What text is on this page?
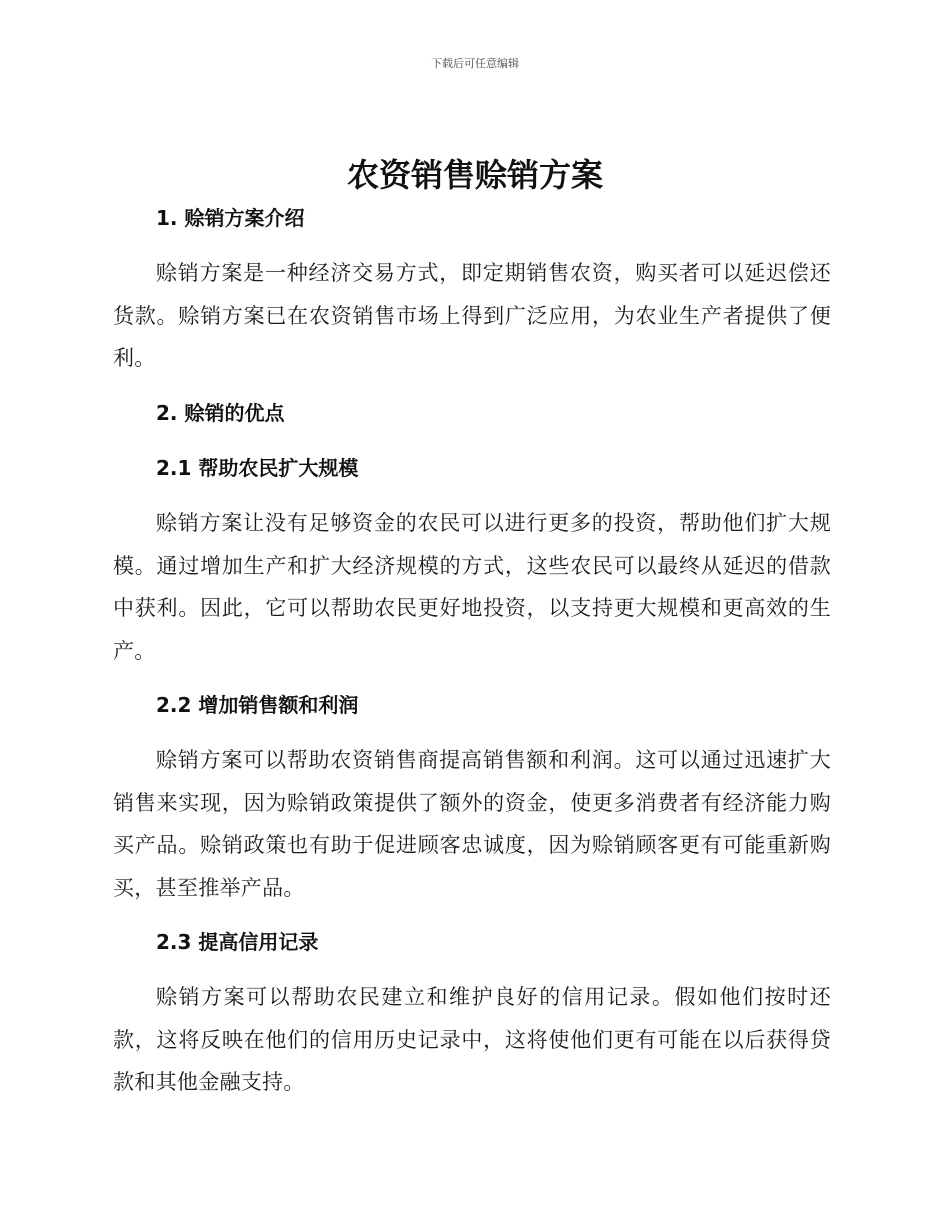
下载后可任意编辑
农资销售赊销方案
1. 赊销方案介绍

赊销方案是一种经济交易方式，即定期销售农资，购买者可以延迟偿还货款。赊销方案已在农资销售市场上得到广泛应用，为农业生产者提供了便利。

2. 赊销的优点
2.1 帮助农民扩大规模

赊销方案让没有足够资金的农民可以进行更多的投资，帮助他们扩大规模。通过增加生产和扩大经济规模的方式，这些农民可以最终从延迟的借款中获利。因此，它可以帮助农民更好地投资，以支持更大规模和更高效的生产。

2.2 增加销售额和利润

赊销方案可以帮助农资销售商提高销售额和利润。这可以通过迅速扩大销售来实现，因为赊销政策提供了额外的资金，使更多消费者有经济能力购买产品。赊销政策也有助于促进顾客忠诚度，因为赊销顾客更有可能重新购买，甚至推举产品。

2.3 提高信用记录

赊销方案可以帮助农民建立和维护良好的信用记录。假如他们按时还款，这将反映在他们的信用历史记录中，这将使他们更有可能在以后获得贷款和其他金融支持。
